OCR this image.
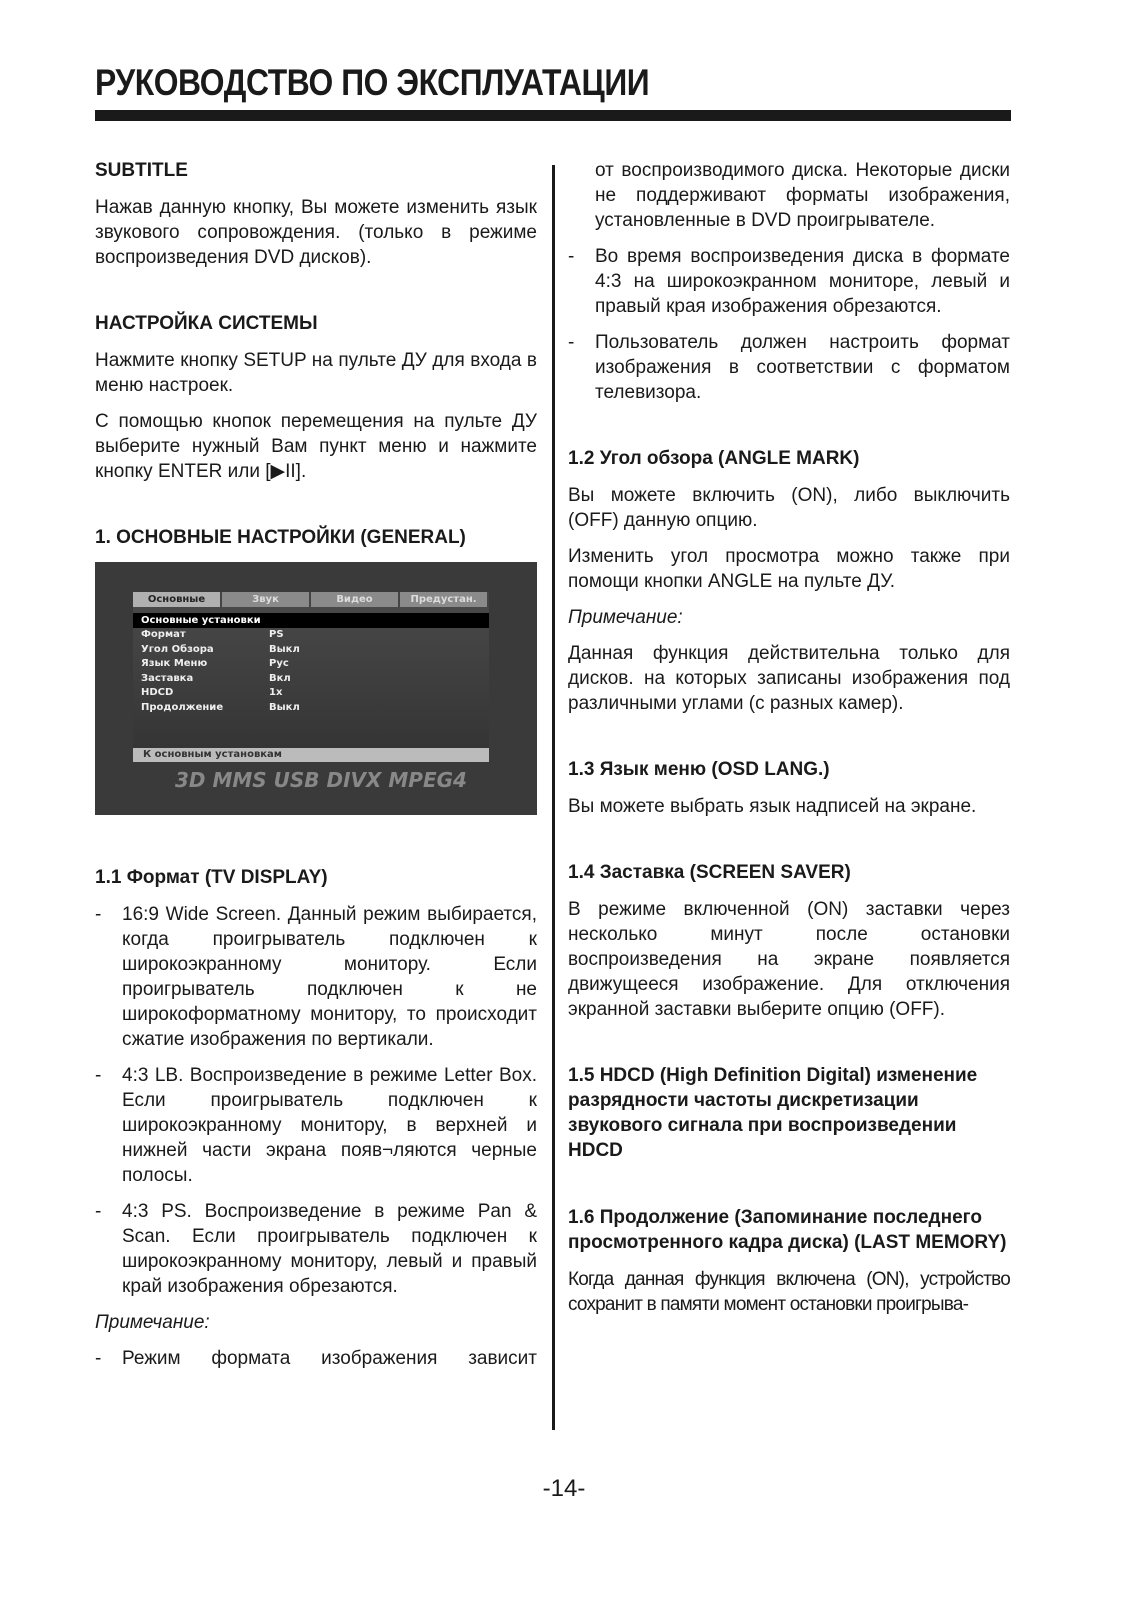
РУКОВОДСТВО ПО ЭКСПЛУАТАЦИИ
SUBTITLE

Нажав данную кнопку, Вы можете изменить язык звукового сопровождения. (только в режиме воспроизведения DVD дисков).

НАСТРОЙКА СИСТЕМЫ

Нажмите кнопку SETUP на пульте ДУ для входа в меню настроек.

С помощью кнопок перемещения на пульте ДУ выберите нужный Вам пункт меню и нажмите кнопку ENTER или [▶II].

1. ОСНОВНЫЕ НАСТРОЙКИ (GENERAL)
Основные	Звук	Видео	Предустан.
Основные установки
Формат	PS
Угол Обзора	Выкл
Язык Меню	Рус
Заставка	Вкл
HDCD	1x
Продолжение	Выкл
К основным установкам
3D MMS USB DIVX MPEG4
1.1 Формат (TV DISPLAY)
-	16:9 Wide Screen. Данный режим выбирается, когда проигрыватель подключен к широкоэкранному монитору. Если проигрыватель подключен к не широкоформатному монитору, то происходит сжатие изображения по вертикали.
-	4:3 LB. Воспроизведение в режиме Letter Box. Если проигрыватель подключен к широкоэкранному монитору, в верхней и нижней части экрана появ¬ляются черные полосы.
-	4:3 PS. Воспроизведение в режиме Pan & Scan. Если проигрыватель подключен к широкоэкранному монитору, левый и правый край изображения обрезаются.

Примечание:

-	Режим формата изображения зависит

от воспроизводимого диска. Некоторые диски не поддерживают форматы изображения, установленные в DVD проигрывателе.

-	Во время воспроизведения диска в формате 4:3 на широкоэкранном мониторе, левый и правый края изображения обрезаются.
-	Пользователь должен настроить формат изображения в соответствии с форматом телевизора.
1.2 Угол обзора (ANGLE MARK)

Вы можете включить (ON), либо выключить (OFF) данную опцию.

Изменить угол просмотра можно также при помощи кнопки ANGLE на пульте ДУ.

Примечание:

Данная функция действительна только для дисков. на которых записаны изображения под различными углами (с разных камер).

1.3 Язык меню (OSD LANG.)

Вы можете выбрать язык надписей на экране.

1.4 Заставка (SCREEN SAVER)

В режиме включенной (ON) заставки через несколько минут после остановки воспроизведения на экране появляется движущееся изображение. Для отключения экранной заставки выберите опцию (OFF).

1.5 HDCD (High Definition Digital) изменение разрядности частоты дискретизации звукового сигнала при воспроизведении HDCD
1.6 Продолжение (Запоминание последнего просмотренного кадра диска) (LAST MEMORY)

Когда данная функция включена (ON), устройство сохранит в памяти момент остановки проигрыва-

-14-
